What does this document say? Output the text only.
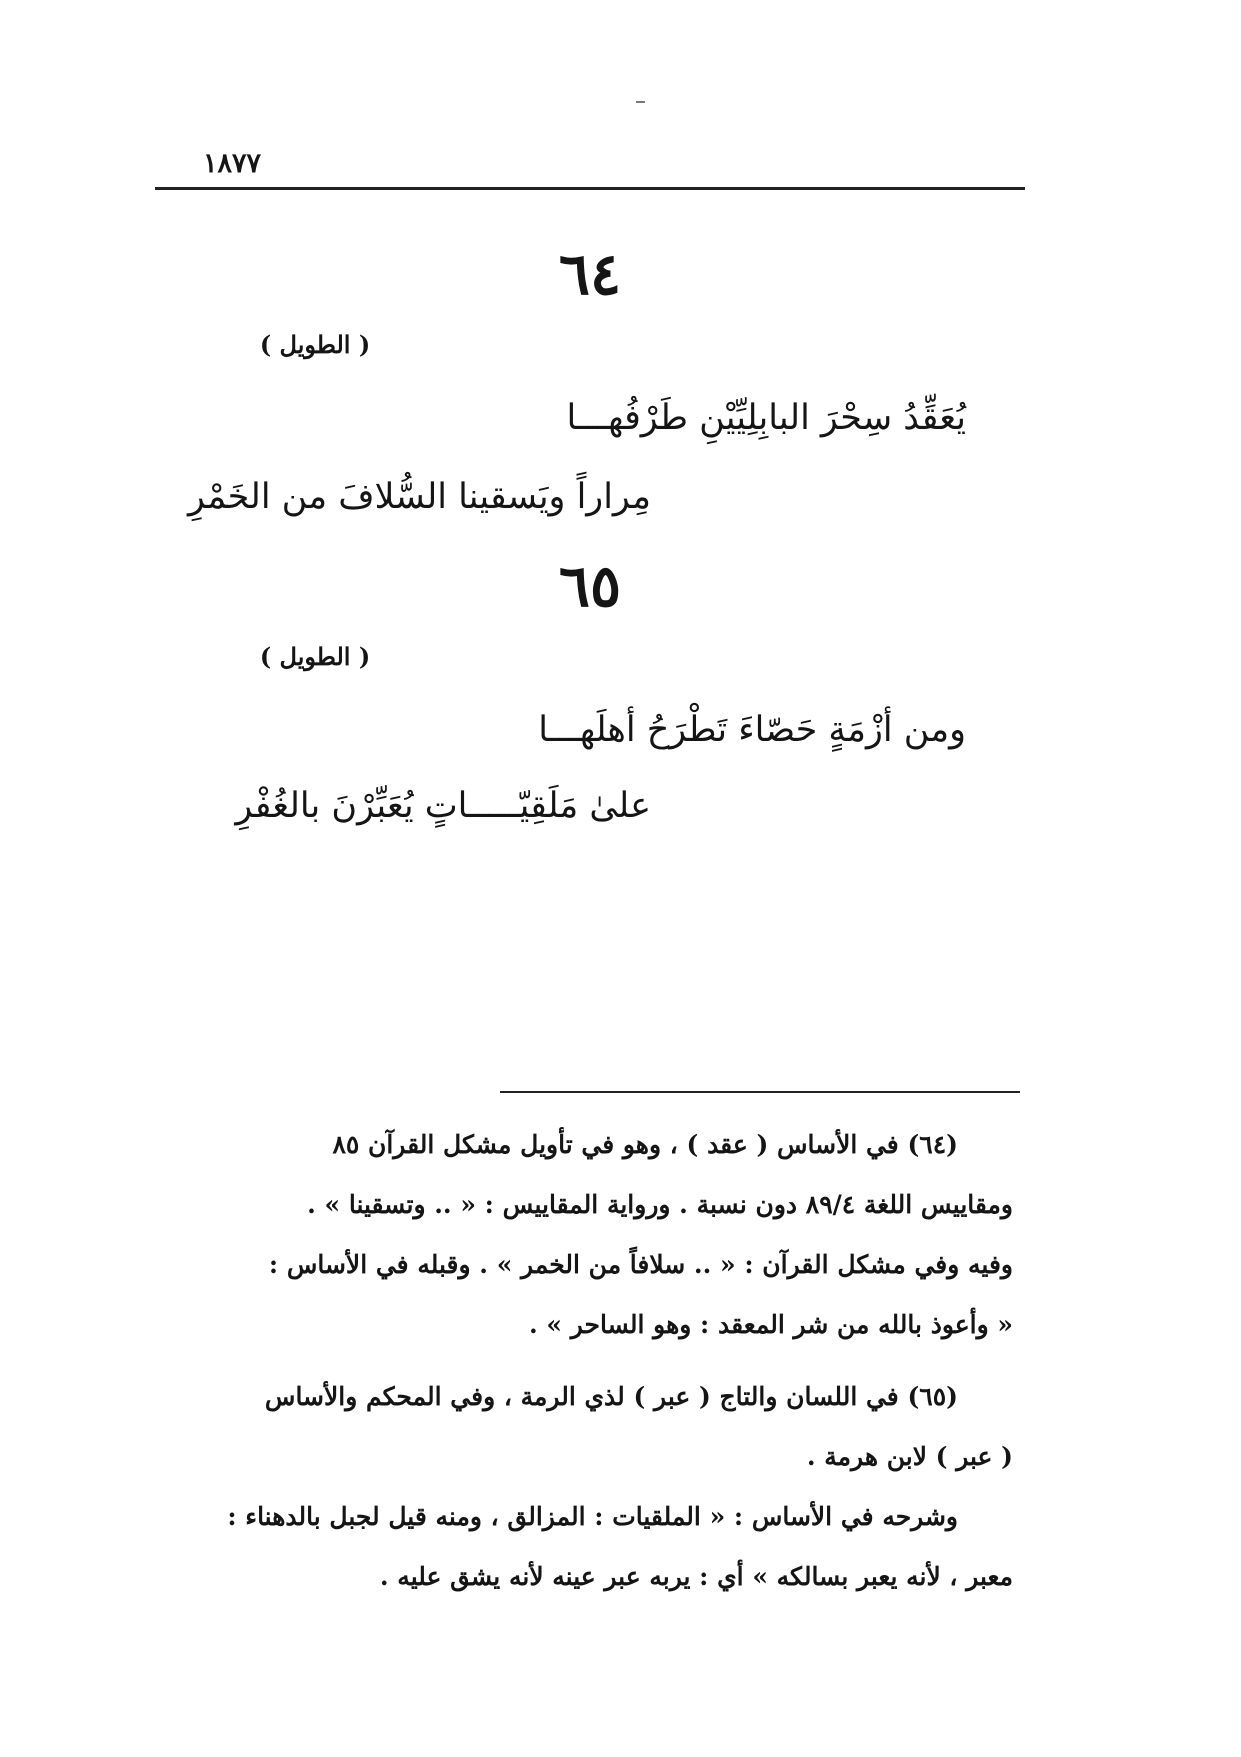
١٨٧٧
٦٤
( الطويل )
يُعَقِّدُ سِحْرَ البابِلِيِّيْنِ طَرْفُهـــا
مِراراً ويَسقينا السُّلافَ من الخَمْرِ
٦٥
( الطويل )
ومن أزْمَةٍ حَصّاءَ تَطْرَحُ أهلَهـــا
علىٰ مَلَقِيّـــــاتٍ يُعَبِّرْنَ بالغُفْرِ
(٦٤) في الأساس ( عقد ) ، وهو في تأويل مشكل القرآن ٨٥
ومقاييس اللغة ٨٩/٤ دون نسبة . ورواية المقاييس : « .. وتسقينا » .
وفيه وفي مشكل القرآن : « .. سلافاً من الخمر » . وقبله في الأساس :
« وأعوذ بالله من شر المعقد : وهو الساحر » .
(٦٥) في اللسان والتاج ( عبر ) لذي الرمة ، وفي المحكم والأساس
( عبر ) لابن هرمة .
وشرحه في الأساس : « الملقيات : المزالق ، ومنه قيل لجبل بالدهناء :
معبر ، لأنه يعبر بسالكه » أي : يربه عبر عينه لأنه يشق عليه .
